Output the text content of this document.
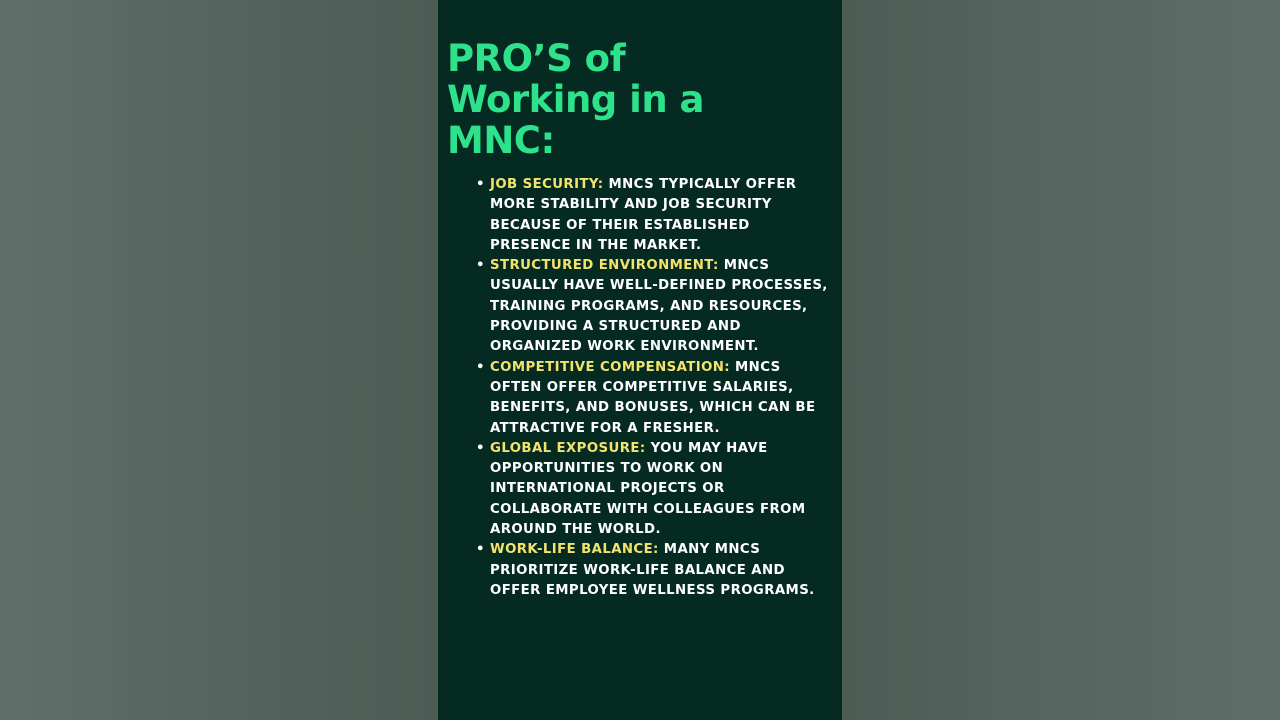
PRO’S of
Working in a
MNC:
• JOB SECURITY: MNCS TYPICALLY OFFER MORE STABILITY AND JOB SECURITY BECAUSE OF THEIR ESTABLISHED PRESENCE IN THE MARKET.
• STRUCTURED ENVIRONMENT: MNCS USUALLY HAVE WELL-DEFINED PROCESSES, TRAINING PROGRAMS, AND RESOURCES, PROVIDING A STRUCTURED AND ORGANIZED WORK ENVIRONMENT.
• COMPETITIVE COMPENSATION: MNCS OFTEN OFFER COMPETITIVE SALARIES, BENEFITS, AND BONUSES, WHICH CAN BE ATTRACTIVE FOR A FRESHER.
• GLOBAL EXPOSURE: YOU MAY HAVE OPPORTUNITIES TO WORK ON INTERNATIONAL PROJECTS OR COLLABORATE WITH COLLEAGUES FROM AROUND THE WORLD.
• WORK-LIFE BALANCE: MANY MNCS PRIORITIZE WORK-LIFE BALANCE AND OFFER EMPLOYEE WELLNESS PROGRAMS.
